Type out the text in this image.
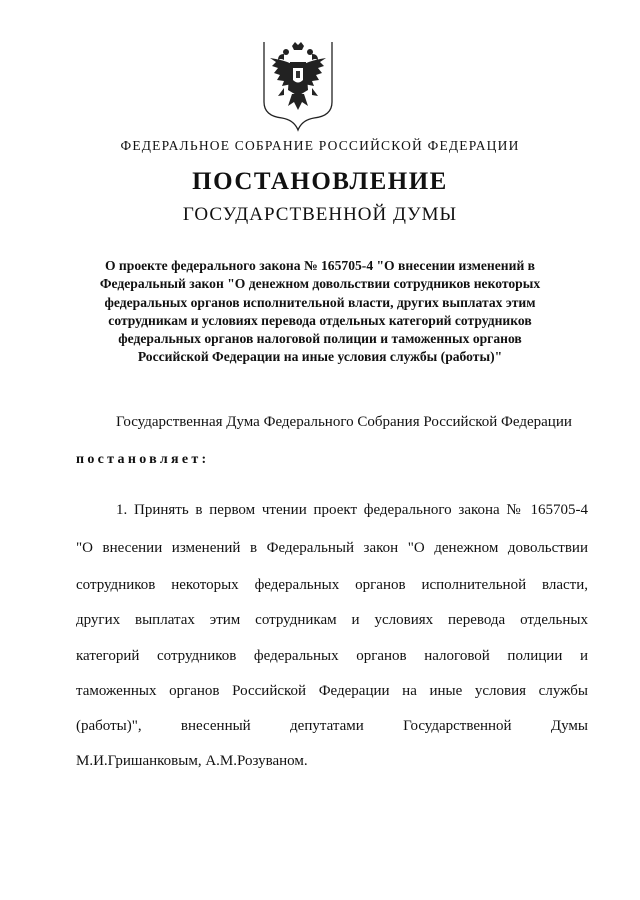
ФЕДЕРАЛЬНОЕ СОБРАНИЕ РОССИЙСКОЙ ФЕДЕРАЦИИ
ПОСТАНОВЛЕНИЕ
ГОСУДАРСТВЕННОЙ ДУМЫ
О проекте федерального закона № 165705-4 "О внесении изменений в
Федеральный закон "О денежном довольствии сотрудников некоторых
федеральных органов исполнительной власти, других выплатах этим
сотрудникам и условиях перевода отдельных категорий сотрудников
федеральных органов налоговой полиции и таможенных органов
Российской Федерации на иные условия службы (работы)"
Государственная Дума Федерального Собрания Российской Федерации
постановляет:
1. Принять в первом чтении проект федерального закона № 165705-4
"О внесении изменений в Федеральный закон "О денежном довольствии
сотрудников некоторых федеральных органов исполнительной власти,
других выплатах этим сотрудникам и условиях перевода отдельных
категорий сотрудников федеральных органов налоговой полиции и
таможенных органов Российской Федерации на иные условия службы
(работы)", внесенный депутатами Государственной Думы
М.И.Гришанковым, А.М.Розуваном.
